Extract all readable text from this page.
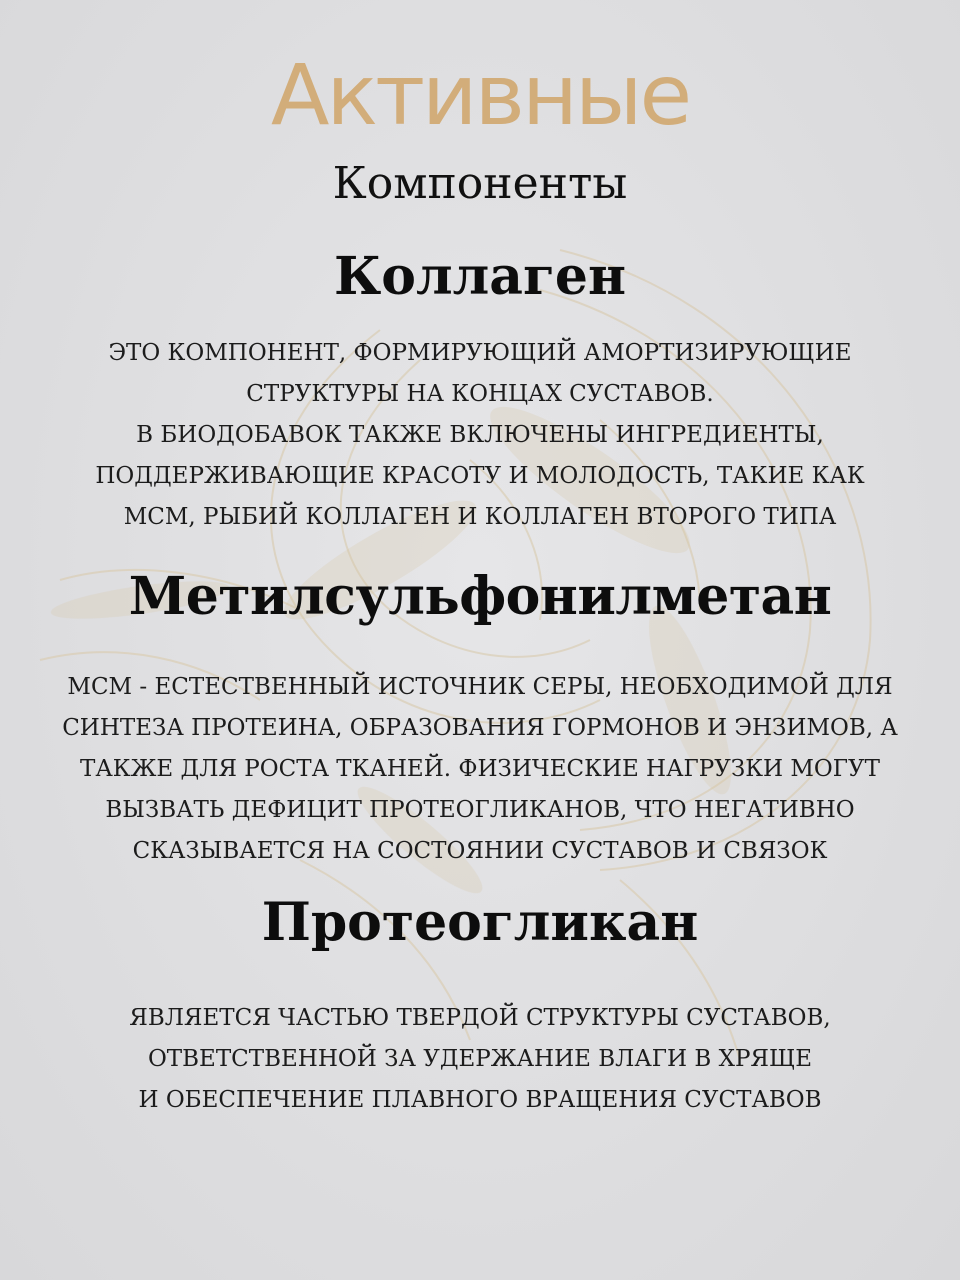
Активные
Компоненты
Коллаген
ЭТО КОМПОНЕНТ, ФОРМИРУЮЩИЙ АМОРТИЗИРУЮЩИЕ
СТРУКТУРЫ НА КОНЦАХ СУСТАВОВ.
В БИОДОБАВОК ТАКЖЕ ВКЛЮЧЕНЫ ИНГРЕДИЕНТЫ,
ПОДДЕРЖИВАЮЩИЕ КРАСОТУ И МОЛОДОСТЬ, ТАКИЕ КАК
МСМ, РЫБИЙ КОЛЛАГЕН И КОЛЛАГЕН ВТОРОГО ТИПА
Метилсульфонилметан
МСМ - ЕСТЕСТВЕННЫЙ ИСТОЧНИК СЕРЫ, НЕОБХОДИМОЙ ДЛЯ
СИНТЕЗА ПРОТЕИНА, ОБРАЗОВАНИЯ ГОРМОНОВ И ЭНЗИМОВ, А
ТАКЖЕ ДЛЯ РОСТА ТКАНЕЙ. ФИЗИЧЕСКИЕ НАГРУЗКИ МОГУТ
ВЫЗВАТЬ ДЕФИЦИТ ПРОТЕОГЛИКАНОВ, ЧТО НЕГАТИВНО
СКАЗЫВАЕТСЯ НА СОСТОЯНИИ СУСТАВОВ И СВЯЗОК
Протеогликан
ЯВЛЯЕТСЯ ЧАСТЬЮ ТВЕРДОЙ СТРУКТУРЫ СУСТАВОВ,
ОТВЕТСТВЕННОЙ ЗА УДЕРЖАНИЕ ВЛАГИ В ХРЯЩЕ
И ОБЕСПЕЧЕНИЕ ПЛАВНОГО ВРАЩЕНИЯ СУСТАВОВ
